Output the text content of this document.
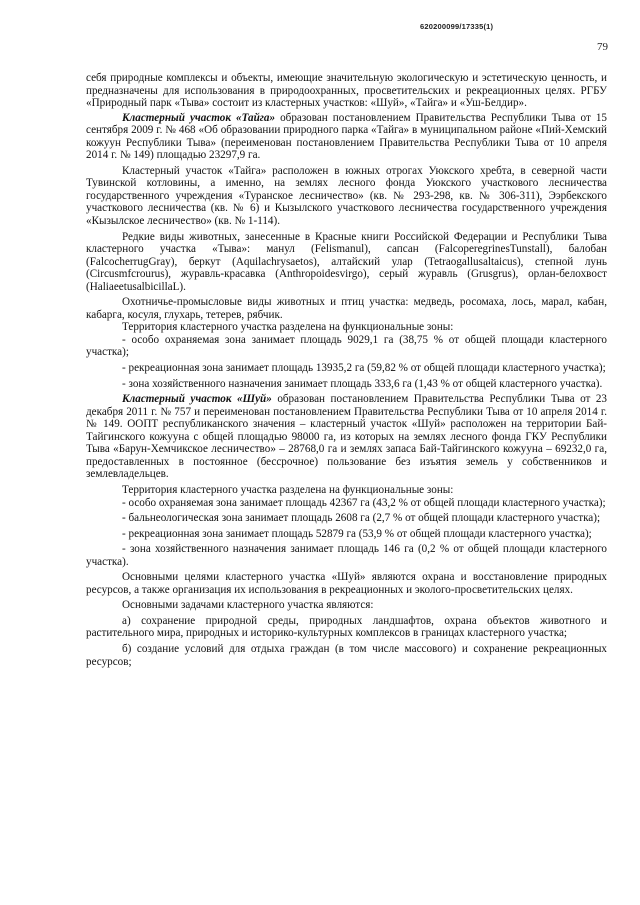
620200099/17335(1)
79

себя природные комплексы и объекты, имеющие значительную экологическую и эстетическую ценность, и предназначены для использования в природоохранных, просветительских и рекреационных целях. РГБУ «Природный парк «Тыва» состоит из кластерных участков: «Шуй», «Тайга» и «Уш-Белдир».

Кластерный участок «Тайга» образован постановлением Правительства Республики Тыва от 15 сентября 2009 г. № 468 «Об образовании природного парка «Тайга» в муниципальном районе «Пий-Хемский кожуун Республики Тыва» (переименован постановлением Правительства Республики Тыва от 10 апреля 2014 г. № 149) площадью 23297,9 га.

Кластерный участок «Тайга» расположен в южных отрогах Уюкского хребта, в северной части Тувинской котловины, а именно, на землях лесного фонда Уюкского участкового лесничества государственного учреждения «Туранское лесничество» (кв. № 293-298, кв. № 306-311), Ээрбекского участкового лесничества (кв. № 6) и Кызылского участкового лесничества государственного учреждения «Кызылское лесничество» (кв. № 1-114).

Редкие виды животных, занесенные в Красные книги Российской Федерации и Республики Тыва кластерного участка «Тыва»: манул (Felismanul), сапсан (FalcoperegrinesTunstall), балобан (FalcocherrugGray), беркут (Aquilachrysaetos), алтайский улар (Tetraogallusaltaicus), степной лунь (Circusmfcrourus), журавль-красавка (Anthropoidesvirgo), серый журавль (Grusgrus), орлан-белохвост (HaliaeetusalbicillaL).

Охотничье-промысловые виды животных и птиц участка: медведь, росомаха, лось, марал, кабан, кабарга, косуля, глухарь, тетерев, рябчик.

Территория кластерного участка разделена на функциональные зоны:

- особо охраняемая зона занимает площадь 9029,1 га (38,75 % от общей площади кластерного участка);

- рекреационная зона занимает площадь 13935,2 га (59,82 % от общей площади кластерного участка);

- зона хозяйственного назначения занимает площадь 333,6 га (1,43 % от общей кластерного участка).

Кластерный участок «Шуй» образован постановлением Правительства Республики Тыва от 23 декабря 2011 г. № 757 и переименован постановлением Правительства Республики Тыва от 10 апреля 2014 г. № 149. ООПТ республиканского значения – кластерный участок «Шуй» расположен на территории Бай-Тайгинского кожууна с общей площадью 98000 га, из которых на землях лесного фонда ГКУ Республики Тыва «Барун-Хемчикское лесничество» – 28768,0 га и землях запаса Бай-Тайгинского кожууна – 69232,0 га, предоставленных в постоянное (бессрочное) пользование без изъятия земель у собственников и землевладельцев.

Территория кластерного участка разделена на функциональные зоны:

- особо охраняемая зона занимает площадь 42367 га (43,2 % от общей площади кластерного участка);

- бальнеологическая зона занимает площадь 2608 га (2,7 % от общей площади кластерного участка);

- рекреационная зона занимает площадь 52879 га (53,9 % от общей площади кластерного участка);

- зона хозяйственного назначения занимает площадь 146 га (0,2 % от общей площади кластерного участка).

Основными целями кластерного участка «Шуй» являются охрана и восстановление природных ресурсов, а также организация их использования в рекреационных и эколого-просветительских целях.

Основными задачами кластерного участка являются:

а) сохранение природной среды, природных ландшафтов, охрана объектов животного и растительного мира, природных и историко-культурных комплексов в границах кластерного участка;

б) создание условий для отдыха граждан (в том числе массового) и сохранение рекреационных ресурсов;
